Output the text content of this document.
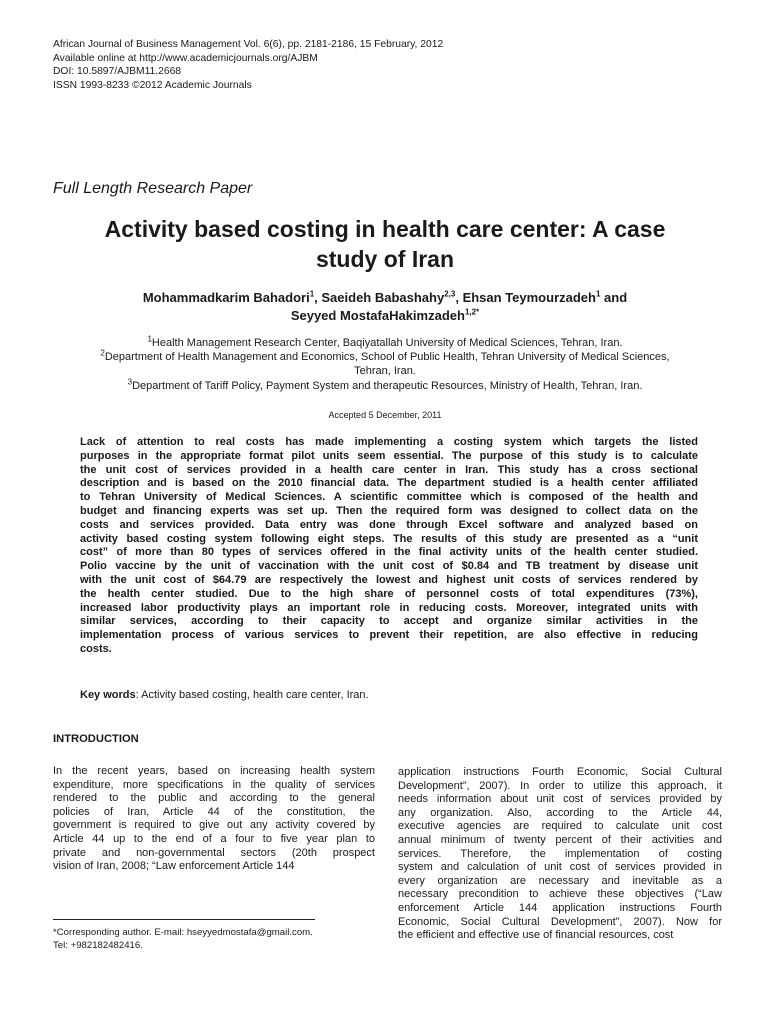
African Journal of Business Management Vol. 6(6), pp. 2181-2186, 15 February, 2012
Available online at http://www.academicjournals.org/AJBM
DOI: 10.5897/AJBM11.2668
ISSN 1993-8233 ©2012 Academic Journals
Full Length Research Paper
Activity based costing in health care center: A case
study of Iran
Mohammadkarim Bahadori$^1$, Saeideh Babashahy$^{2,3}$, Ehsan Teymourzadeh$^1$ and
Seyyed MostafaHakimzadeh$^{1,2*}$
$^1$Health Management Research Center, Baqiyatallah University of Medical Sciences, Tehran, Iran.
$^2$Department of Health Management and Economics, School of Public Health, Tehran University of Medical Sciences,
Tehran, Iran.
$^3$Department of Tariff Policy, Payment System and therapeutic Resources, Ministry of Health, Tehran, Iran.
Accepted 5 December, 2011
Lack of attention to real costs has made implementing a costing system which targets the listed
purposes in the appropriate format pilot units seem essential. The purpose of this study is to calculate
the unit cost of services provided in a health care center in Iran. This study has a cross sectional
description and is based on the 2010 financial data. The department studied is a health center affiliated
to Tehran University of Medical Sciences. A scientific committee which is composed of the health and
budget and financing experts was set up. Then the required form was designed to collect data on the
costs and services provided. Data entry was done through Excel software and analyzed based on
activity based costing system following eight steps. The results of this study are presented as a “unit
cost” of more than 80 types of services offered in the final activity units of the health center studied.
Polio vaccine by the unit of vaccination with the unit cost of $0.84 and TB treatment by disease unit
with the unit cost of $64.79 are respectively the lowest and highest unit costs of services rendered by
the health center studied. Due to the high share of personnel costs of total expenditures (73%),
increased labor productivity plays an important role in reducing costs. Moreover, integrated units with
similar services, according to their capacity to accept and organize similar activities in the
implementation process of various services to prevent their repetition, are also effective in reducing
costs.
Key words: Activity based costing, health care center, Iran.
INTRODUCTION
In the recent years, based on increasing health system
expenditure, more specifications in the quality of services
rendered to the public and according to the general
policies of Iran, Article 44 of the constitution, the
government is required to give out any activity covered by
Article 44 up to the end of a four to five year plan to
private and non-governmental sectors (20th prospect
vision of Iran, 2008; “Law enforcement Article 144
application instructions Fourth Economic, Social Cultural
Development”, 2007). In order to utilize this approach, it
needs information about unit cost of services provided by
any organization. Also, according to the Article 44,
executive agencies are required to calculate unit cost
annual minimum of twenty percent of their activities and
services. Therefore, the implementation of costing
system and calculation of unit cost of services provided in
every organization are necessary and inevitable as a
necessary precondition to achieve these objectives (“Law
enforcement Article 144 application instructions Fourth
Economic, Social Cultural Development”, 2007). Now for
the efficient and effective use of financial resources, cost
*Corresponding author. E-mail: hseyyedmostafa@gmail.com.
Tel: +982182482416.
